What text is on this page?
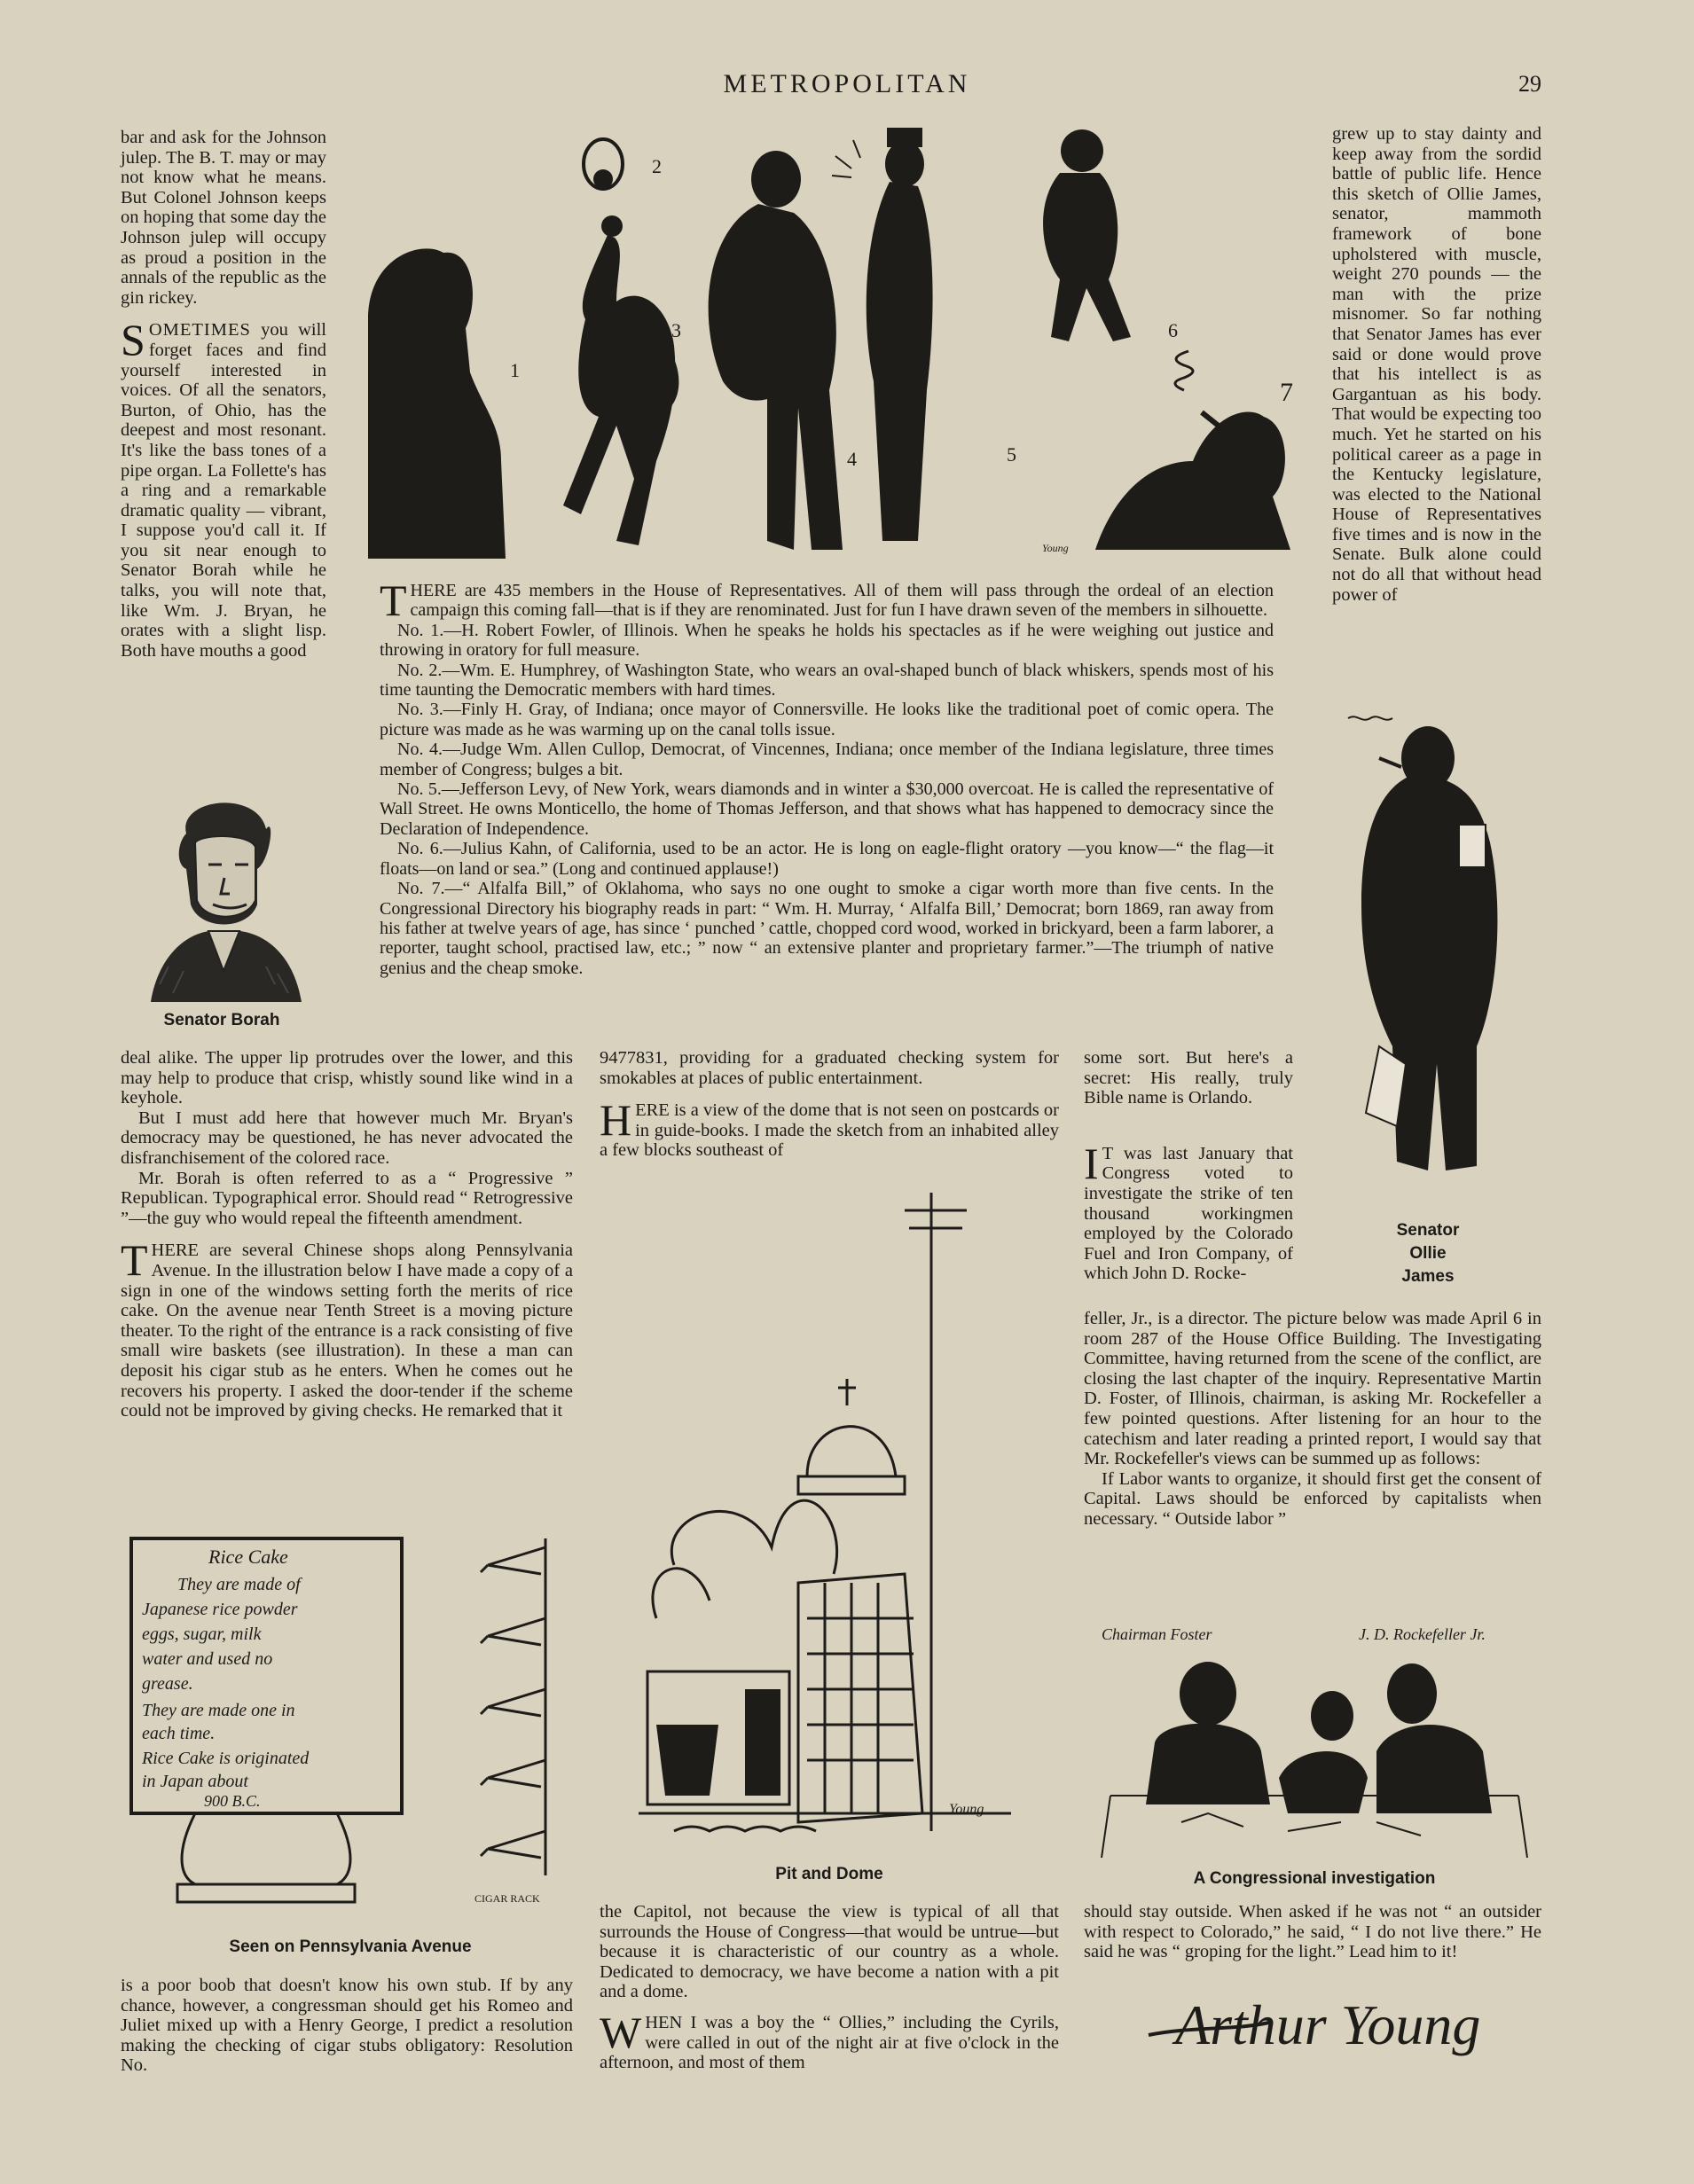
METROPOLITAN	29

bar and ask for the Johnson julep. The B. T. may or may not know what he means. But Colonel Johnson keeps on hoping that some day the Johnson julep will occupy as proud a position in the annals of the republic as the gin rickey.

SOMETIMES you will forget faces and find yourself interested in voices. Of all the senators, Burton, of Ohio, has the deepest and most resonant. It's like the bass tones of a pipe organ. La Follette's has a ring and a remarkable dramatic quality — vibrant, I suppose you'd call it. If you sit near enough to Senator Borah while he talks, you will note that, like Wm. J. Bryan, he orates with a slight lisp. Both have mouths a good

Senator Borah
1
2
3
4	5
6
7
Young

THERE are 435 members in the House of Representatives. All of them will pass through the ordeal of an election campaign this coming fall—that is if they are renominated. Just for fun I have drawn seven of the members in silhouette.

No. 1.—H. Robert Fowler, of Illinois. When he speaks he holds his spectacles as if he were weighing out justice and throwing in oratory for full measure.

No. 2.—Wm. E. Humphrey, of Washington State, who wears an oval-shaped bunch of black whiskers, spends most of his time taunting the Democratic members with hard times.

No. 3.—Finly H. Gray, of Indiana; once mayor of Connersville. He looks like the traditional poet of comic opera. The picture was made as he was warming up on the canal tolls issue.

No. 4.—Judge Wm. Allen Cullop, Democrat, of Vincennes, Indiana; once member of the Indiana legislature, three times member of Congress; bulges a bit.

No. 5.—Jefferson Levy, of New York, wears diamonds and in winter a $30,000 overcoat. He is called the representative of Wall Street. He owns Monticello, the home of Thomas Jefferson, and that shows what has happened to democracy since the Declaration of Independence.

No. 6.—Julius Kahn, of California, used to be an actor. He is long on eagle-flight oratory —you know—“ the flag—it floats—on land or sea.” (Long and continued applause!)

No. 7.—“ Alfalfa Bill,” of Oklahoma, who says no one ought to smoke a cigar worth more than five cents. In the Congressional Directory his biography reads in part: “ Wm. H. Murray, ‘ Alfalfa Bill,’ Democrat; born 1869, ran away from his father at twelve years of age, has since ‘ punched ’ cattle, chopped cord wood, worked in brickyard, been a farm laborer, a reporter, taught school, practised law, etc.; ” now “ an extensive planter and proprietary farmer.”—The triumph of native genius and the cheap smoke.

grew up to stay dainty and keep away from the sordid battle of public life. Hence this sketch of Ollie James, senator, mammoth framework of bone upholstered with muscle, weight 270 pounds — the man with the prize misnomer. So far nothing that Senator James has ever said or done would prove that his intellect is as Gargantuan as his body. That would be expecting too much. Yet he started on his political career as a page in the Kentucky legislature, was elected to the National House of Representatives five times and is now in the Senate. Bulk alone could not do all that without head power of

Senator
Ollie
James

deal alike. The upper lip protrudes over the lower, and this may help to produce that crisp, whistly sound like wind in a keyhole.

But I must add here that however much Mr. Bryan's democracy may be questioned, he has never advocated the disfranchisement of the colored race.

Mr. Borah is often referred to as a “ Progressive ” Republican. Typographical error. Should read “ Retrogressive ”—the guy who would repeal the fifteenth amendment.

THERE are several Chinese shops along Pennsylvania Avenue. In the illustration below I have made a copy of a sign in one of the windows setting forth the merits of rice cake. On the avenue near Tenth Street is a moving picture theater. To the right of the entrance is a rack consisting of five small wire baskets (see illustration). In these a man can deposit his cigar stub as he enters. When he comes out he recovers his property. I asked the door-tender if the scheme could not be improved by giving checks. He remarked that it

Rice Cake
They are made of
Japanese rice powder
eggs, sugar, milk
water and used no
grease.
They are made one in
each time.
Rice Cake is originated
in Japan about
900 B.C.
CIGAR RACK
Seen on Pennsylvania Avenue

is a poor boob that doesn't know his own stub. If by any chance, however, a congressman should get his Romeo and Juliet mixed up with a Henry George, I predict a resolution making the checking of cigar stubs obligatory: Resolution No.

9477831, providing for a graduated checking system for smokables at places of public entertainment.

HERE is a view of the dome that is not seen on postcards or in guide-books. I made the sketch from an inhabited alley a few blocks southeast of

Young
Pit and Dome

the Capitol, not because the view is typical of all that surrounds the House of Congress—that would be untrue—but because it is characteristic of our country as a whole. Dedicated to democracy, we have become a nation with a pit and a dome.

WHEN I was a boy the “ Ollies,” including the Cyrils, were called in out of the night air at five o'clock in the afternoon, and most of them

some sort. But here's a secret: His really, truly Bible name is Orlando.

I T was last January that Congress voted to investigate the strike of ten thousand workingmen employed by the Colorado Fuel and Iron Company, of which John D. Rocke-

feller, Jr., is a director. The picture below was made April 6 in room 287 of the House Office Building. The Investigating Committee, having returned from the scene of the conflict, are closing the last chapter of the inquiry. Representative Martin D. Foster, of Illinois, chairman, is asking Mr. Rockefeller a few pointed questions. After listening for an hour to the catechism and later reading a printed report, I would say that Mr. Rockefeller's views can be summed up as follows:

If Labor wants to organize, it should first get the consent of Capital. Laws should be enforced by capitalists when necessary. “ Outside labor ”

Chairman Foster	J. D. Rockefeller Jr.
A Congressional investigation

should stay outside. When asked if he was not “ an outsider with respect to Colorado,” he said, “ I do not live there.” He said he was “ groping for the light.” Lead him to it!

Arthur Young
